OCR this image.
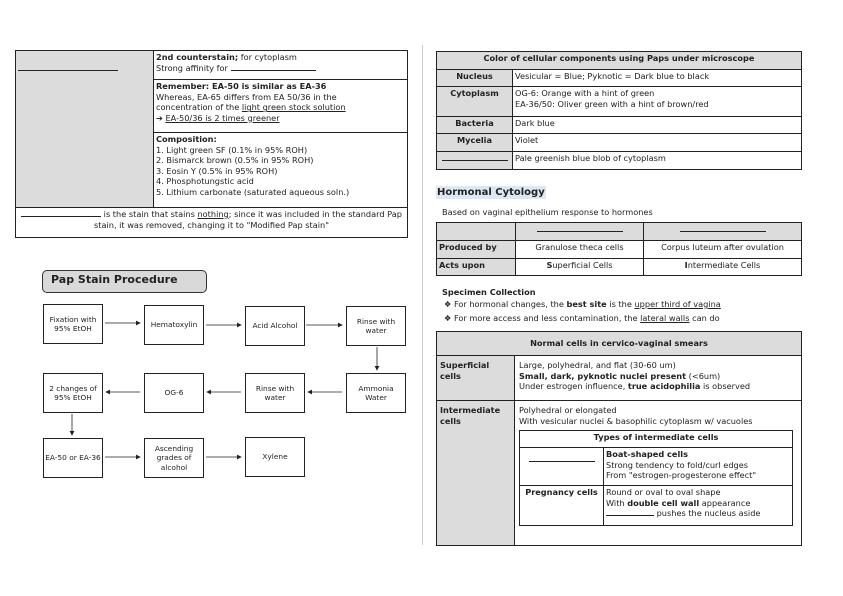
	2nd counterstain; for cytoplasm
Strong affinity for
Remember: EA-50 is similar as EA-36
Whereas, EA-65 differs from EA 50/36 in the
concentration of the light green stock solution
➔ EA-50/36 is 2 times greener
Composition:
1. Light green SF (0.1% in 95% ROH)
2. Bismarck brown (0.5% in 95% ROH)
3. Eosin Y (0.5% in 95% ROH)
4. Phosphotungstic acid
5. Lithium carbonate (saturated aqueous soln.)
is the stain that stains nothing; since it was included in the standard Pap stain, it was removed, changing it to "Modified Pap stain"
Pap Stain Procedure
Fixation with 95% EtOH	Hematoxylin	Acid Alcohol
Rinse with water
Ammonia Water
Rinse with water
OG-6
2 changes of 95% EtOH
EA-50 or EA-36
Ascending grades of alcohol
Xylene
Color of cellular components using Paps under microscope	
Nucleus	Vesicular = Blue; Pyknotic = Dark blue to black
Cytoplasm	OG-6: Orange with a hint of green
EA-36/50: Oliver green with a hint of brown/red
Bacteria	Dark blue
Mycelia	Violet
	Pale greenish blue blob of cytoplasm
Hormonal Cytology
Based on vaginal epithelium response to hormones

Produced by	Granulose theca cells	Corpus luteum after ovulation
Acts upon	Superficial Cells	Intermediate Cells
Specimen Collection
❖ For hormonal changes, the best site is the upper third of vagina
❖ For more access and less contamination, the lateral walls can do
Normal cells in cervico-vaginal smears	
Superficial cells	Large, polyhedral, and flat (30-60 um)
Small, dark, pyknotic nuclei present (<6um)
Under estrogen influence, true acidophilia is observed
Intermediate cells	Polyhedral or elongated
With vesicular nuclei & basophilic cytoplasm w/ vacuoles
Types of intermediate cells	
	Boat-shaped cells
Strong tendency to fold/curl edges
From "estrogen-progesterone effect"
Pregnancy cells	Round or oval to oval shape
With double cell wall appearance
pushes the nucleus aside
